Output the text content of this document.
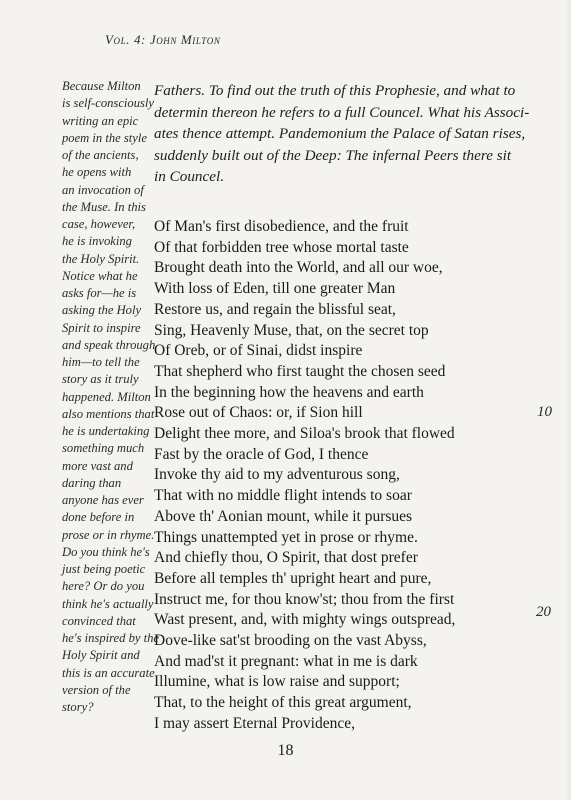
Vol. 4: John Milton
Because Milton
is self-consciously
writing an epic
poem in the style
of the ancients,
he opens with
an invocation of
the Muse. In this
case, however,
he is invoking
the Holy Spirit.
Notice what he
asks for—he is
asking the Holy
Spirit to inspire
and speak through
him—to tell the
story as it truly
happened. Milton
also mentions that
he is undertaking
something much
more vast and
daring than
anyone has ever
done before in
prose or in rhyme.
Do you think he's
just being poetic
here? Or do you
think he's actually
convinced that
he's inspired by the
Holy Spirit and
this is an accurate
version of the
story?
Fathers. To find out the truth of this Prophesie, and what to
determin thereon he refers to a full Councel. What his Associ-
ates thence attempt. Pandemonium the Palace of Satan rises,
suddenly built out of the Deep: The infernal Peers there sit
in Councel.
Of Man's first disobedience, and the fruit
Of that forbidden tree whose mortal taste
Brought death into the World, and all our woe,
With loss of Eden, till one greater Man
Restore us, and regain the blissful seat,
Sing, Heavenly Muse, that, on the secret top
Of Oreb, or of Sinai, didst inspire
That shepherd who first taught the chosen seed
In the beginning how the heavens and earth
Rose out of Chaos: or, if Sion hill
Delight thee more, and Siloa's brook that flowed
Fast by the oracle of God, I thence
Invoke thy aid to my adventurous song,
That with no middle flight intends to soar
Above th' Aonian mount, while it pursues
Things unattempted yet in prose or rhyme.
And chiefly thou, O Spirit, that dost prefer
Before all temples th' upright heart and pure,
Instruct me, for thou know'st; thou from the first
Wast present, and, with mighty wings outspread,
Dove-like sat'st brooding on the vast Abyss,
And mad'st it pregnant: what in me is dark
Illumine, what is low raise and support;
That, to the height of this great argument,
I may assert Eternal Providence,
10
20
18
